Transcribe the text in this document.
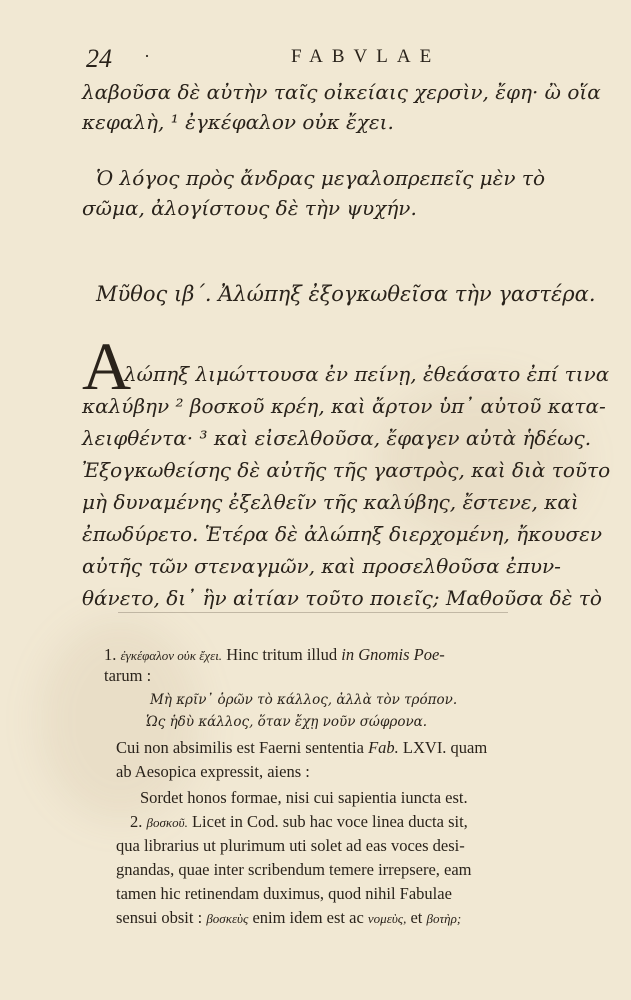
24 ·	FABVLAE
λαβοῦσα δὲ αὐτὴν ταῖς οἰκείαις χερσὶν, ἔφη· ὢ οἵα
κεφαλὴ, ¹ ἐγκέφαλον οὐκ ἔχει.
Ὁ λόγος πρὸς ἄνδρας μεγαλοπρεπεῖς μὲν τὸ
σῶμα, ἀλογίστους δὲ τὴν ψυχήν.
Μῦθος ιβ΄. Ἀλώπηξ ἐξογκωθεῖσα τὴν γαστέρα.
A
λώπηξ λιμώττουσα ἐν πείνῃ, ἐθεάσατο ἐπί τινα
καλύβην ² βοσκοῦ κρέη, καὶ ἄρτον ὑπ᾽ αὐτοῦ κατα-
λειφθέντα· ³ καὶ εἰσελθοῦσα, ἔφαγεν αὐτὰ ἡδέως.
Ἐξογκωθείσης δὲ αὐτῆς τῆς γαστρὸς, καὶ διὰ τοῦτο
μὴ δυναμένης ἐξελθεῖν τῆς καλύβης, ἔστενε, καὶ
ἐπωδύρετο. Ἑτέρα δὲ ἀλώπηξ διερχομένη, ἤκουσεν
αὐτῆς τῶν στεναγμῶν, καὶ προσελθοῦσα ἐπυν-
θάνετο, δι᾽ ἣν αἰτίαν τοῦτο ποιεῖς; Μαθοῦσα δὲ τὸ
1. ἐγκέφαλον οὐκ ἔχει. Hinc tritum illud in Gnomis Poe-
tarum :
Μὴ κρῖν᾽ ὁρῶν τὸ κάλλος, ἀλλὰ τὸν τρόπον.
Ὡς ἡδὺ κάλλος, ὅταν ἔχῃ νοῦν σώφρονα.
Cui non absimilis est Faerni sententia Fab. LXVI. quam
ab Aesopica expressit, aiens :
Sordet honos formae, nisi cui sapientia iuncta est.
2. βοσκοῦ. Licet in Cod. sub hac voce linea ducta sit,
qua librarius ut plurimum uti solet ad eas voces desi-
gnandas, quae inter scribendum temere irrepsere, eam
tamen hic retinendam duximus, quod nihil Fabulae
sensui obsit : βοσκεὺς enim idem est ac νομεὺς, et βοτὴρ;
